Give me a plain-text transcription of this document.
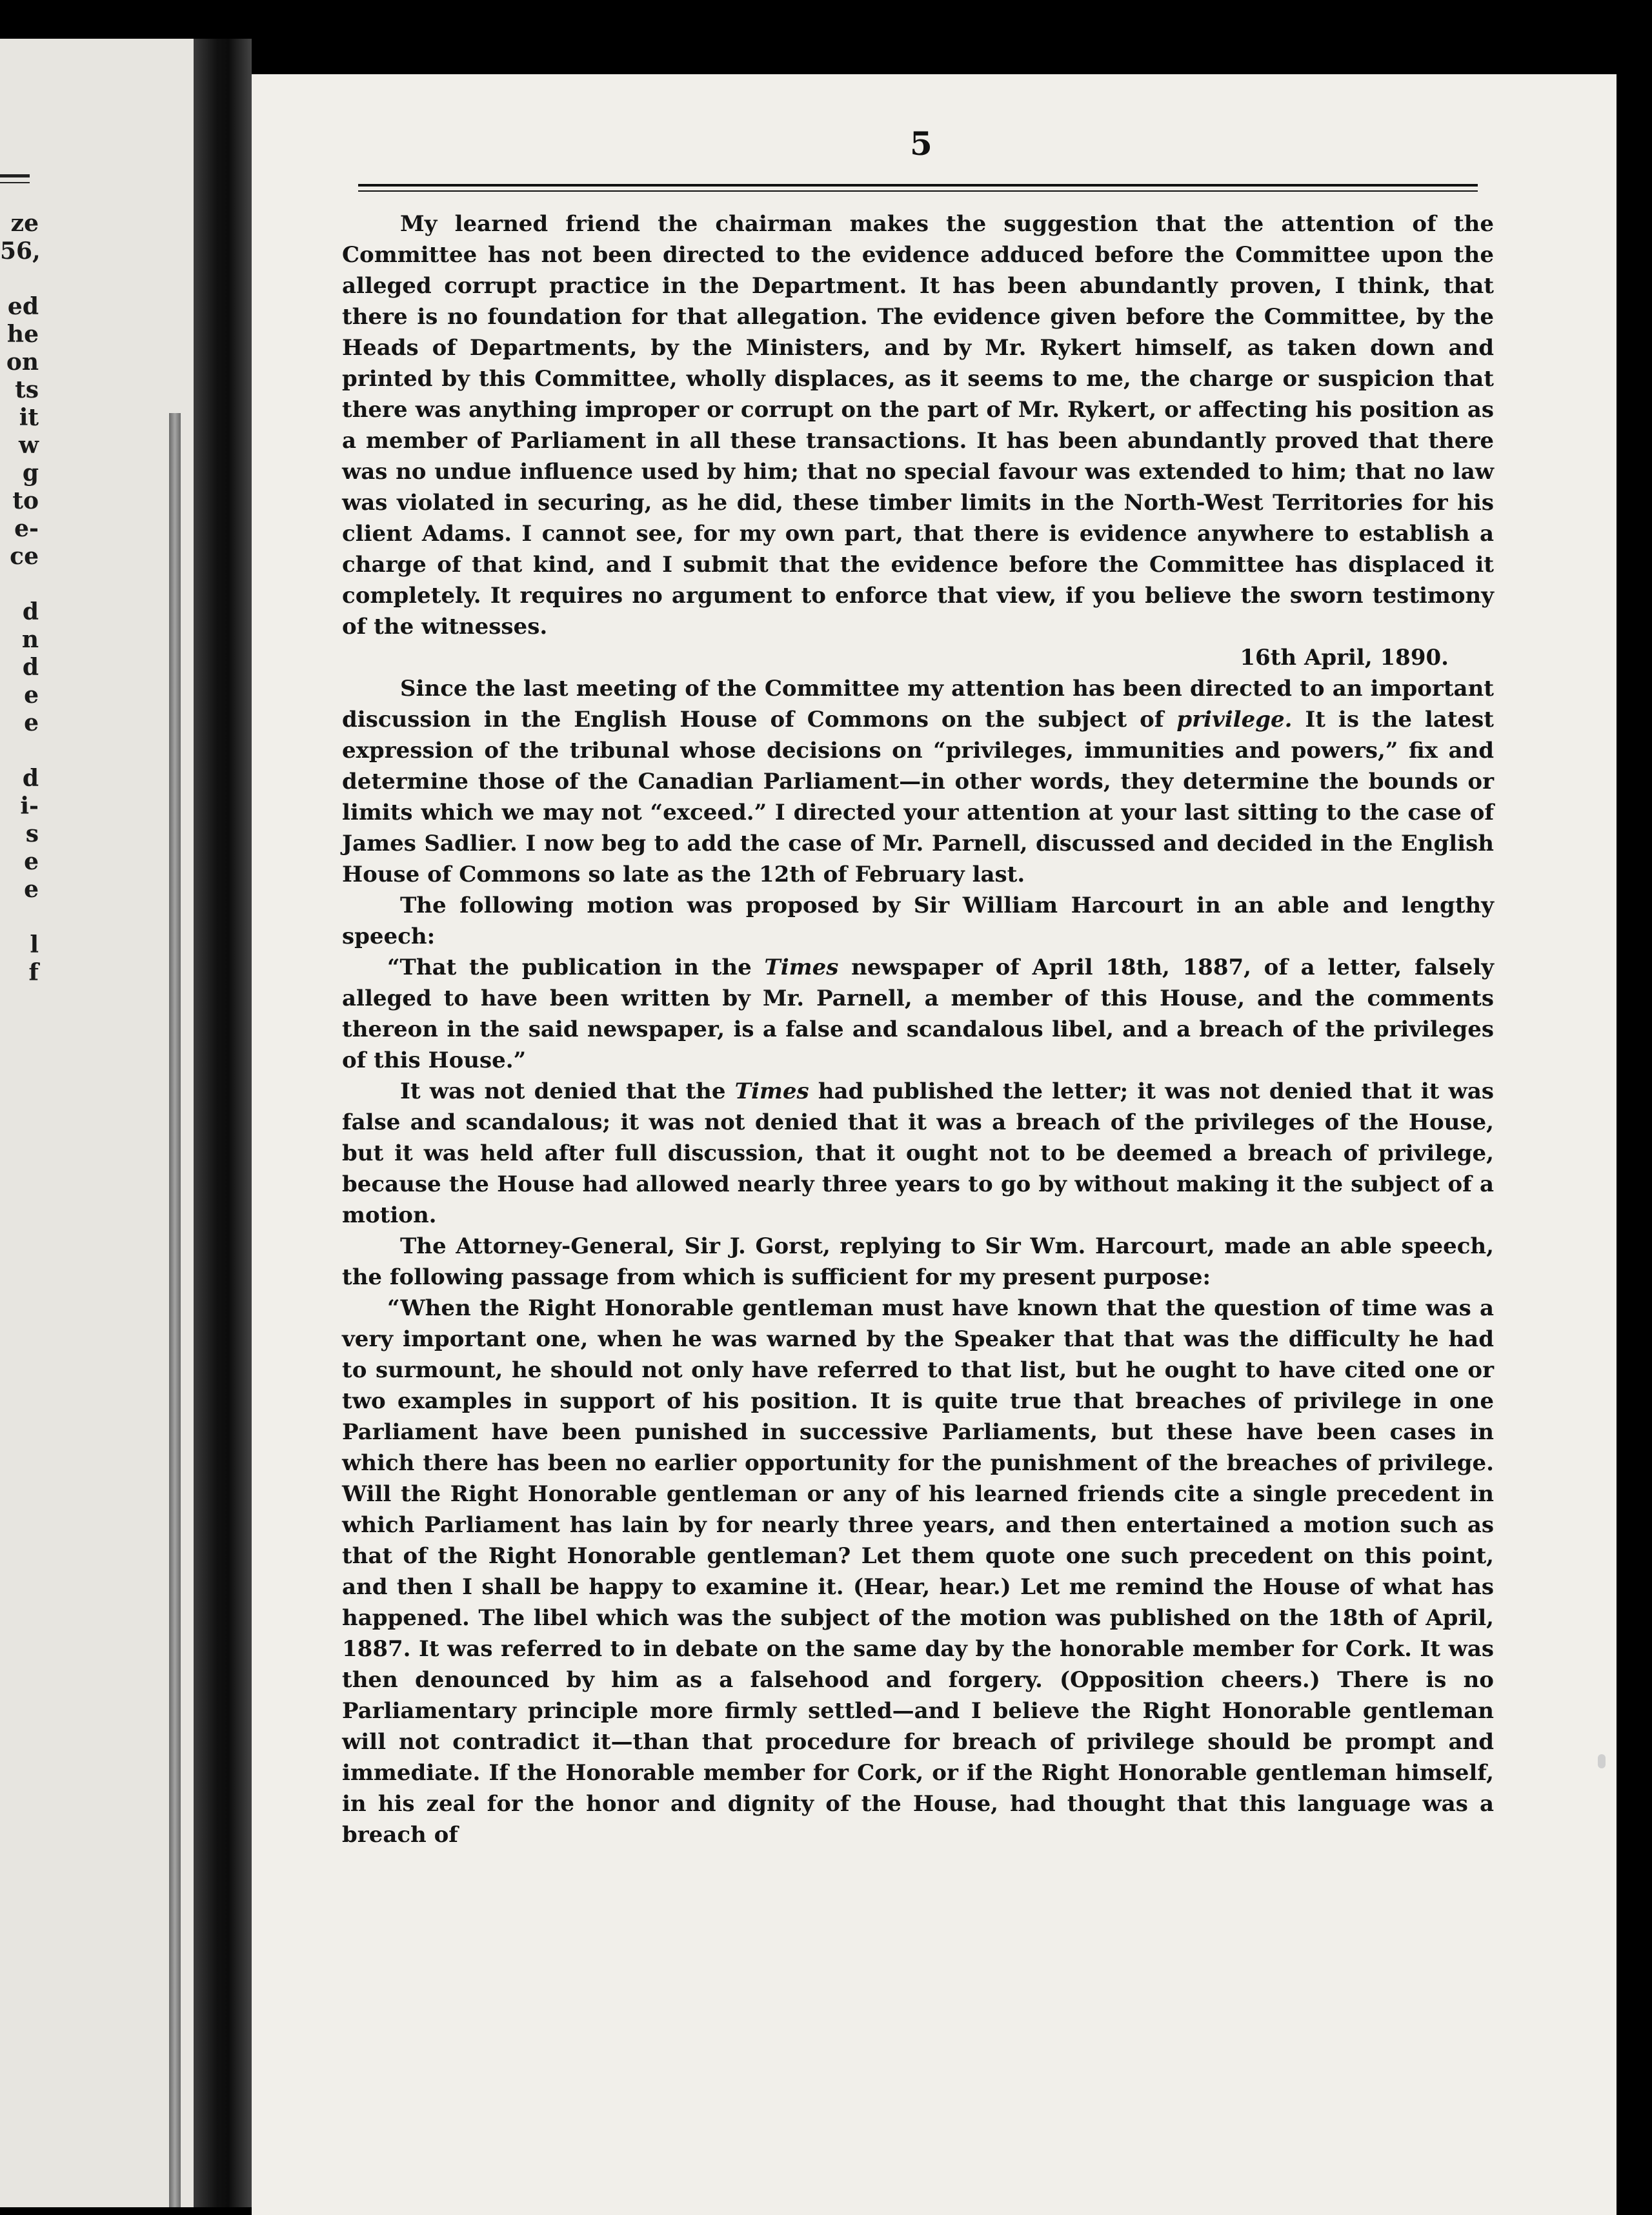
ze
56,
ed
he
on
ts
it
w
g
to
e-
ce
d
n
d
e
e
d
i-
s
e
e
l
f
5

My learned friend the chairman makes the suggestion that the attention of the Committee has not been directed to the evidence adduced before the Committee upon the alleged corrupt practice in the Department. It has been abundantly proven, I think, that there is no foundation for that allegation. The evidence given before the Committee, by the Heads of Departments, by the Ministers, and by Mr. Rykert himself, as taken down and printed by this Committee, wholly displaces, as it seems to me, the charge or suspicion that there was anything improper or corrupt on the part of Mr. Rykert, or affecting his position as a member of Parliament in all these transactions. It has been abundantly proved that there was no undue influence used by him; that no special favour was extended to him; that no law was violated in securing, as he did, these timber limits in the North-West Territories for his client Adams. I cannot see, for my own part, that there is evidence anywhere to establish a charge of that kind, and I submit that the evidence before the Committee has displaced it completely. It requires no argument to enforce that view, if you believe the sworn testimony of the witnesses.

16th April, 1890.

Since the last meeting of the Committee my attention has been directed to an important discussion in the English House of Commons on the subject of privilege. It is the latest expression of the tribunal whose decisions on “privileges, immunities and powers,” fix and determine those of the Canadian Parliament—in other words, they determine the bounds or limits which we may not “exceed.” I directed your attention at your last sitting to the case of James Sadlier. I now beg to add the case of Mr. Parnell, discussed and decided in the English House of Commons so late as the 12th of February last.

The following motion was proposed by Sir William Harcourt in an able and lengthy speech:

“That the publication in the Times newspaper of April 18th, 1887, of a letter, falsely alleged to have been written by Mr. Parnell, a member of this House, and the comments thereon in the said newspaper, is a false and scandalous libel, and a breach of the privileges of this House.”

It was not denied that the Times had published the letter; it was not denied that it was false and scandalous; it was not denied that it was a breach of the privileges of the House, but it was held after full discussion, that it ought not to be deemed a breach of privilege, because the House had allowed nearly three years to go by without making it the subject of a motion.

The Attorney-General, Sir J. Gorst, replying to Sir Wm. Harcourt, made an able speech, the following passage from which is sufficient for my present purpose:

“When the Right Honorable gentleman must have known that the question of time was a very important one, when he was warned by the Speaker that that was the difficulty he had to surmount, he should not only have referred to that list, but he ought to have cited one or two examples in support of his position. It is quite true that breaches of privilege in one Parliament have been punished in successive Parliaments, but these have been cases in which there has been no earlier opportunity for the punishment of the breaches of privilege. Will the Right Honorable gentleman or any of his learned friends cite a single precedent in which Parliament has lain by for nearly three years, and then entertained a motion such as that of the Right Honorable gentleman? Let them quote one such precedent on this point, and then I shall be happy to examine it. (Hear, hear.) Let me remind the House of what has happened. The libel which was the subject of the motion was published on the 18th of April, 1887. It was referred to in debate on the same day by the honorable member for Cork. It was then denounced by him as a falsehood and forgery. (Opposition cheers.) There is no Parliamentary principle more firmly settled—and I believe the Right Honorable gentleman will not contradict it—than that procedure for breach of privilege should be prompt and immediate. If the Honorable member for Cork, or if the Right Honorable gentleman himself, in his zeal for the honor and dignity of the House, had thought that this language was a breach of
